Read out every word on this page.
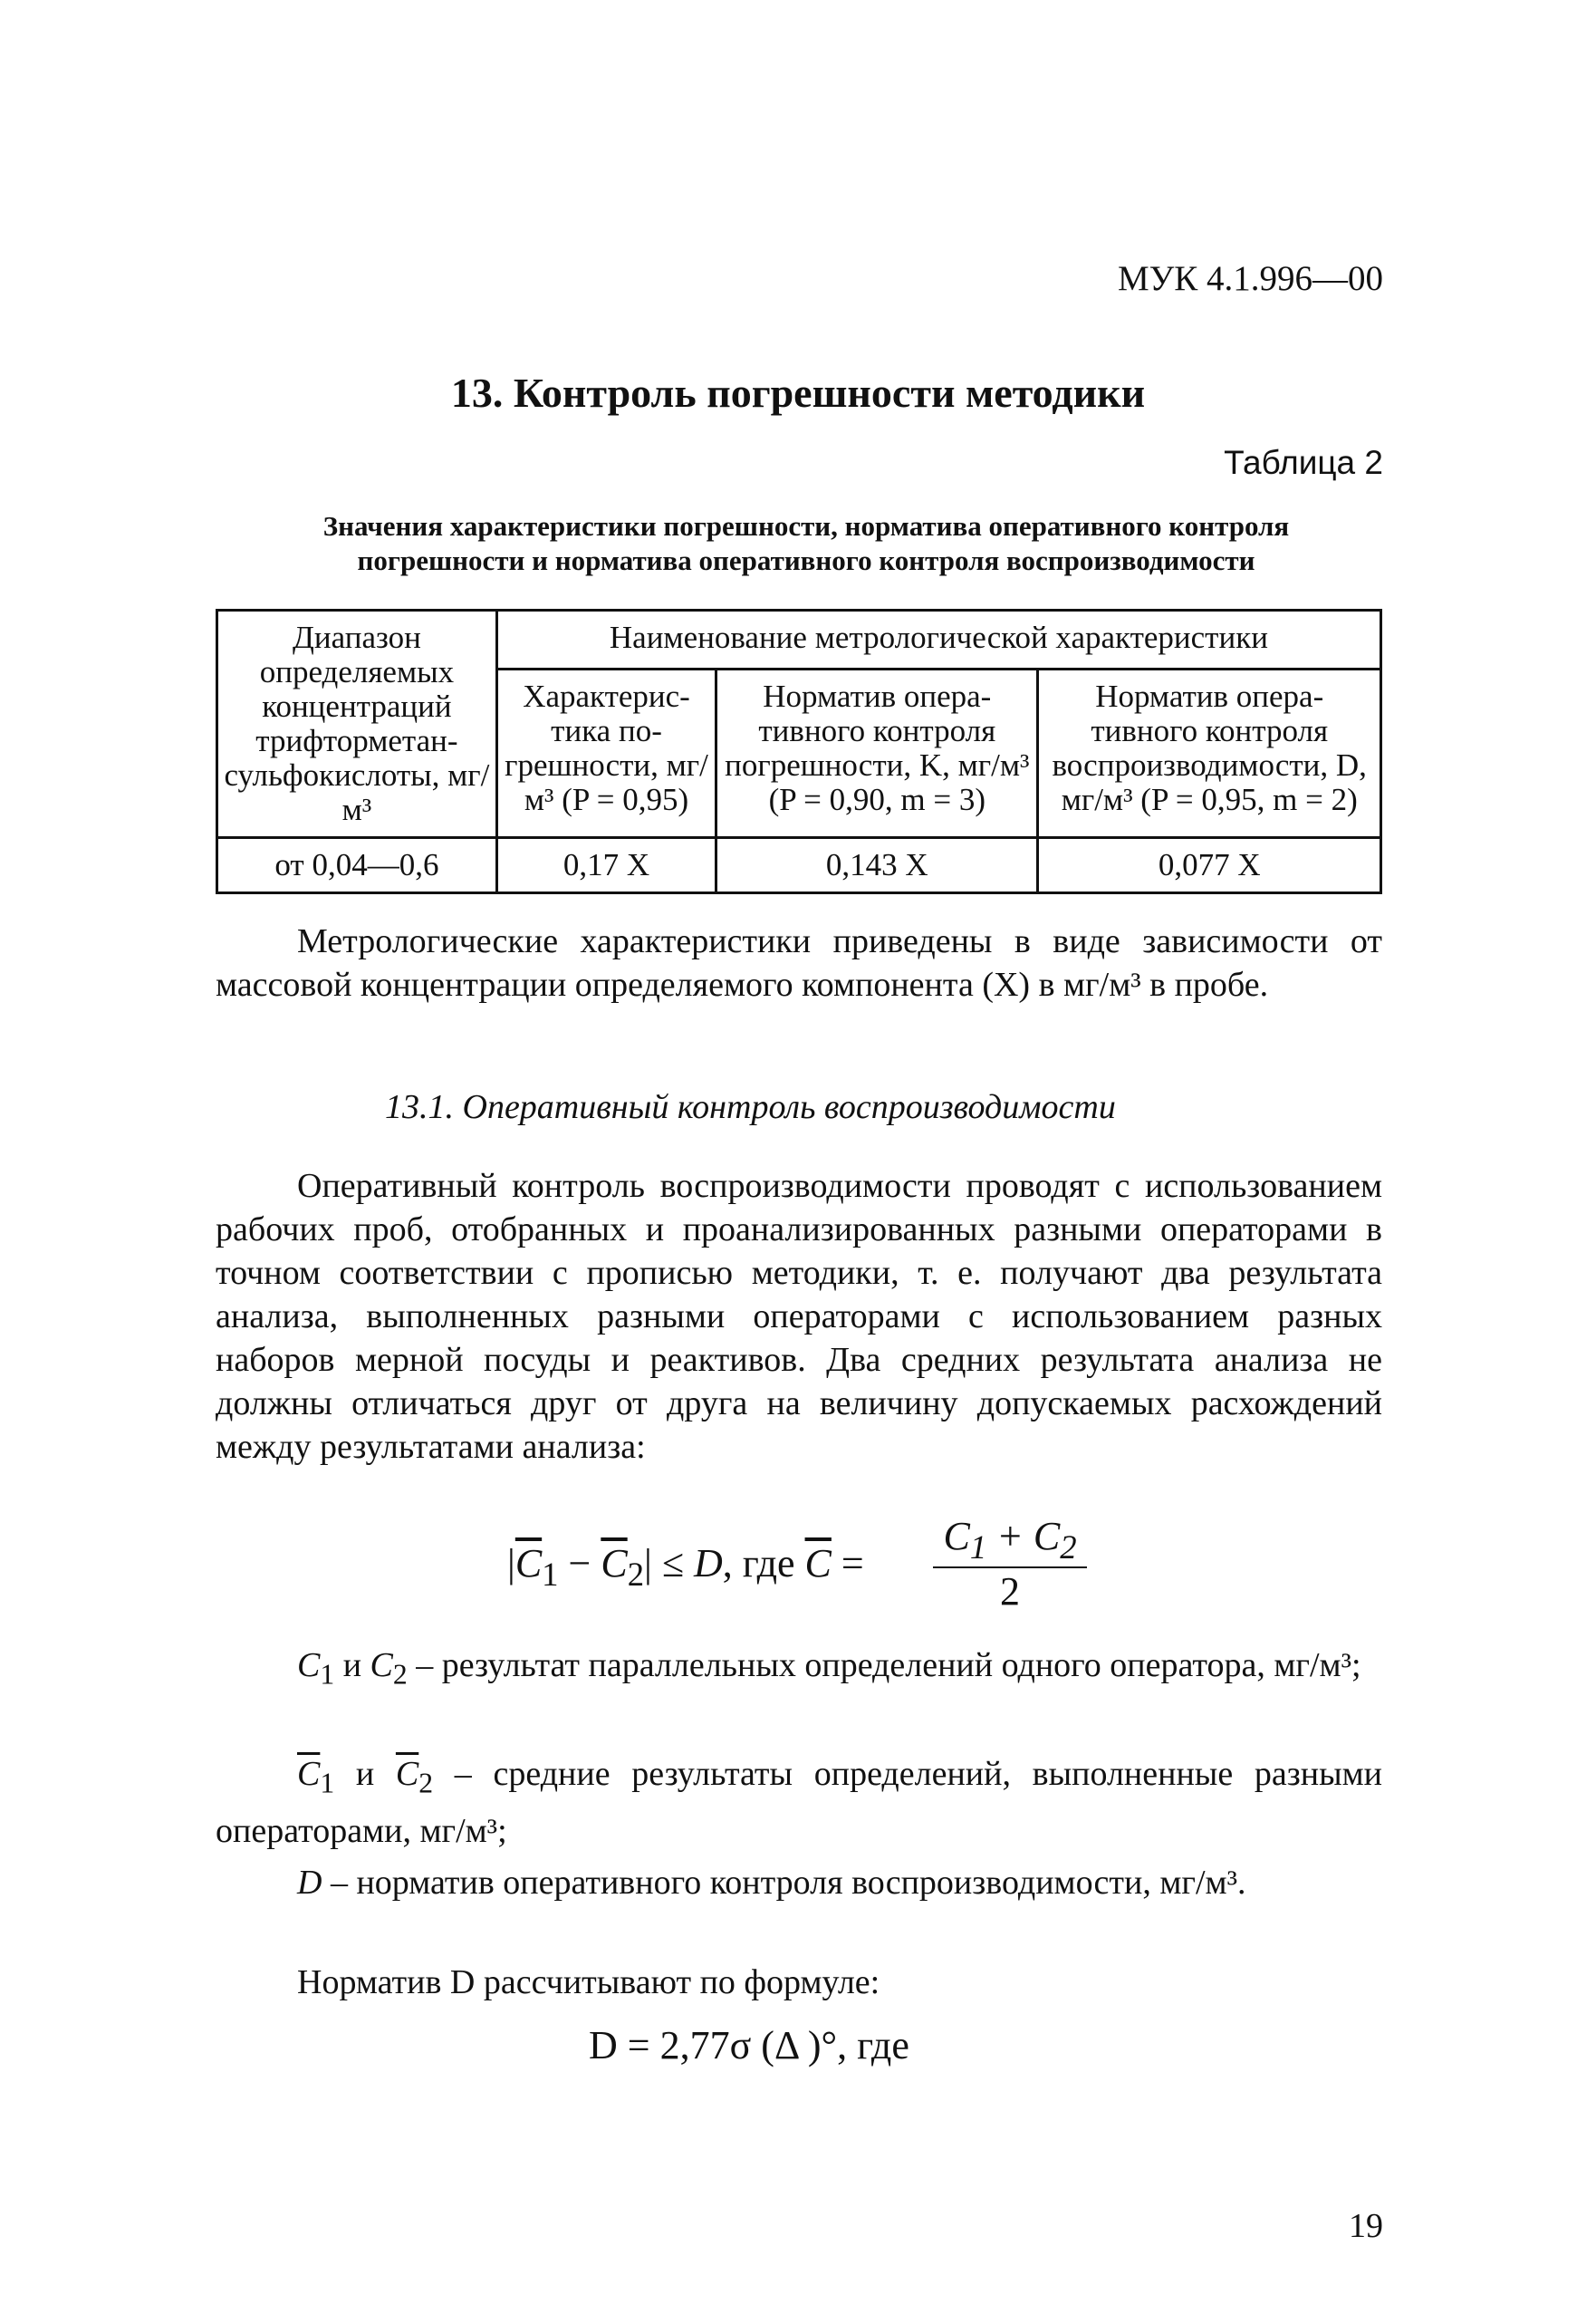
МУК 4.1.996—00
13. Контроль погрешности методики
Таблица 2
Значения характеристики погрешности, норматива оперативного контроля
погрешности и норматива оперативного контроля воспроизводимости
Диапазон определяемых концентраций трифторметан-сульфокислоты, мг/м³	Наименование метрологической характеристики		
	Характерис-тика по-грешности, мг/м³ (P = 0,95)	Норматив опера-тивного контроля погрешности, K, мг/м³ (P = 0,90, m = 3)	Норматив опера-тивного контроля воспроизводимости, D, мг/м³ (P = 0,95, m = 2)
от 0,04—0,6	0,17 X	0,143 X	0,077 X
Метрологические характеристики приведены в виде зависимости от массовой концентрации определяемого компонента (X) в мг/м³ в пробе.
13.1. Оперативный контроль воспроизводимости
Оперативный контроль воспроизводимости проводят с использованием рабочих проб, отобранных и проанализированных разными операторами в точном соответствии с прописью методики, т. е. получают два результата анализа, выполненных разными операторами с использованием разных наборов мерной посуды и реактивов. Два средних результата анализа не должны отличаться друг от друга на величину допускаемых расхождений между результатами анализа:
$|\overline{C}_1 - \overline{C}_2| \le D$, где $\overline{C} = \frac{C_1 + C_2}{2}$
$C_1$ и $C_2$ – результат параллельных определений одного оператора, мг/м³;
$\overline{C}_1$ и $\overline{C}_2$ – средние результаты определений, выполненные разными операторами, мг/м³;
D – норматив оперативного контроля воспроизводимости, мг/м³.
Норматив D рассчитывают по формуле:
D = 2,77σ (Δ )°, где
19
